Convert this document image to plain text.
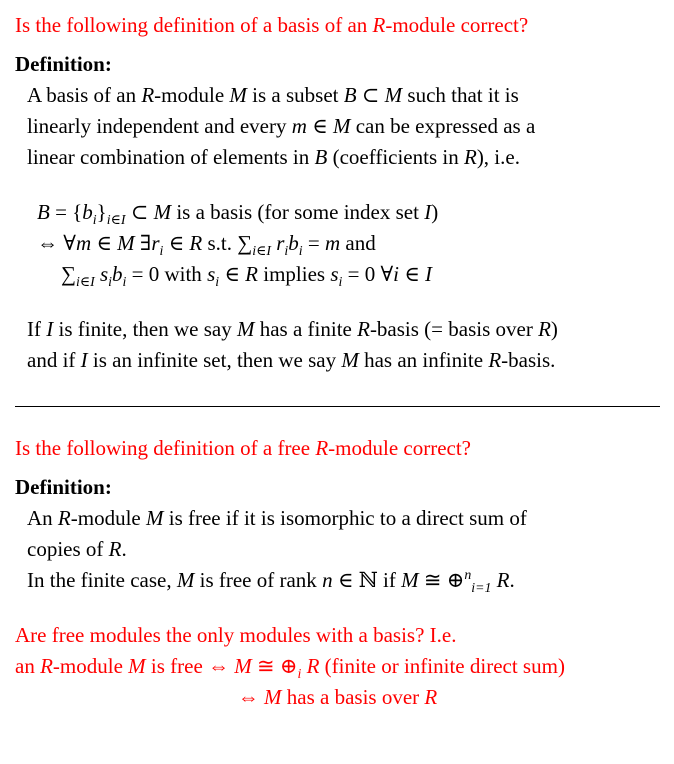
Is the following definition of a basis of an R-module correct?

Definition:

A basis of an R-module M is a subset B ⊂ M such that it is

linearly independent and every m ∈ M can be expressed as a

linear combination of elements in B (coefficients in R), i.e.

$B = \{b_i\}_{i\in I}$ ⊂ M is a basis (for some index set I)

⇔ ∀m ∈ M $\exists r_i$ ∈ R s.t. $\sum_{i\in I}$ $r_ib_i = m$ and

$\sum_{i\in I}$ $s_ib_i = 0$ with $s_i$ ∈ R implies $s_i = 0$ ∀i ∈ I

If I is finite, then we say M has a finite R-basis (= basis over R)

and if I is an infinite set, then we say M has an infinite R-basis.

Is the following definition of a free R-module correct?

Definition:

An R-module M is free if it is isomorphic to a direct sum of

copies of R.

In the finite case, M is free of rank n ∈ ℕ if M ≅ ⊕$^n_{i=1}$ R.

Are free modules the only modules with a basis? I.e.

an R-module M is free ⇔ M ≅ $\oplus_i$ R (finite or infinite direct sum)

⇔ M has a basis over R
